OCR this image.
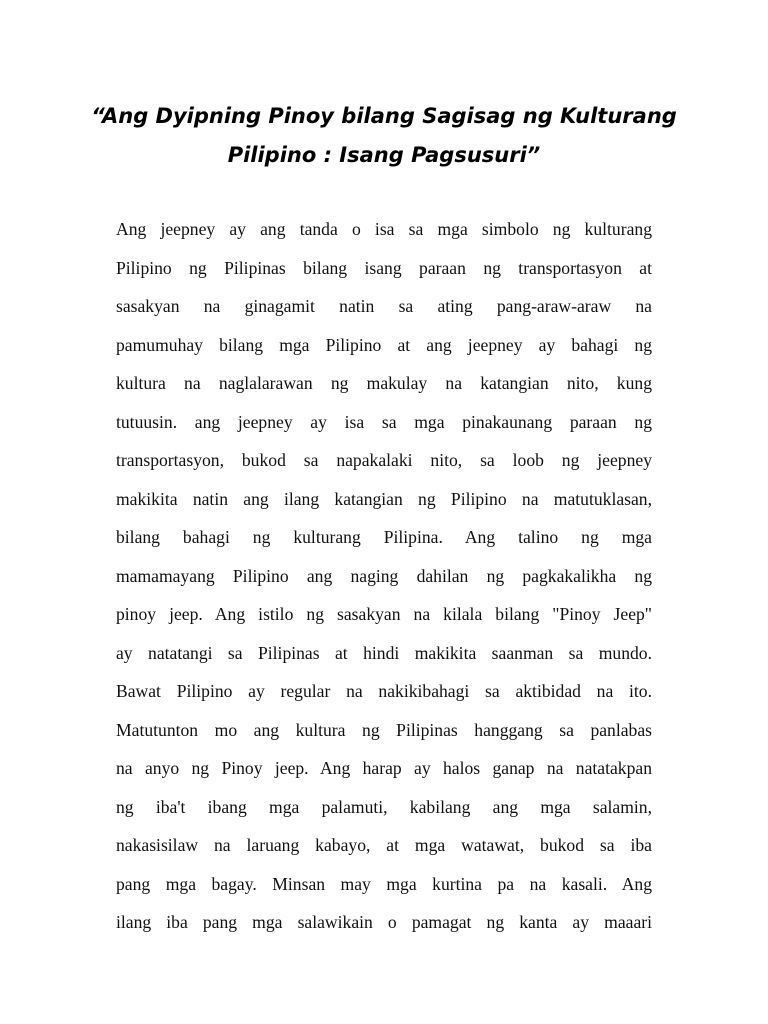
“Ang Dyipning Pinoy bilang Sagisag ng Kulturang
Pilipino : Isang Pagsusuri”
Ang jeepney ay ang tanda o isa sa mga simbolo ng kulturang
Pilipino ng Pilipinas bilang isang paraan ng transportasyon at
sasakyan na ginagamit natin sa ating pang-araw-araw na
pamumuhay bilang mga Pilipino at ang jeepney ay bahagi ng
kultura na naglalarawan ng makulay na katangian nito, kung
tutuusin. ang jeepney ay isa sa mga pinakaunang paraan ng
transportasyon, bukod sa napakalaki nito, sa loob ng jeepney
makikita natin ang ilang katangian ng Pilipino na matutuklasan,
bilang bahagi ng kulturang Pilipina. Ang talino ng mga
mamamayang Pilipino ang naging dahilan ng pagkakalikha ng
pinoy jeep. Ang istilo ng sasakyan na kilala bilang "Pinoy Jeep"
ay natatangi sa Pilipinas at hindi makikita saanman sa mundo.
Bawat Pilipino ay regular na nakikibahagi sa aktibidad na ito.
Matutunton mo ang kultura ng Pilipinas hanggang sa panlabas
na anyo ng Pinoy jeep. Ang harap ay halos ganap na natatakpan
ng iba't ibang mga palamuti, kabilang ang mga salamin,
nakasisilaw na laruang kabayo, at mga watawat, bukod sa iba
pang mga bagay. Minsan may mga kurtina pa na kasali. Ang
ilang iba pang mga salawikain o pamagat ng kanta ay maaari
